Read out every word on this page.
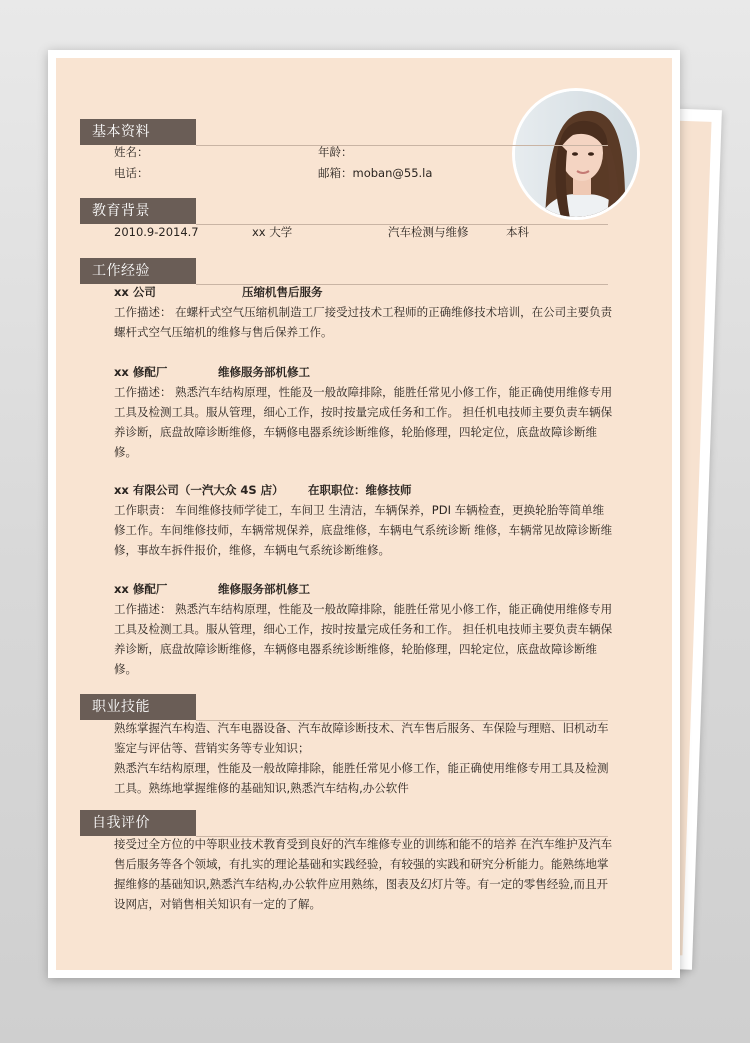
基本资料
姓名：	年龄：
电话：	邮箱：moban@55.la
教育背景
2010.9-2014.7	xx 大学	汽车检测与维修	本科
工作经验
xx 公司	压缩机售后服务
工作描述： 在螺杆式空气压缩机制造工厂接受过技术工程师的正确维修技术培训，在公司主要负责螺杆式空气压缩机的维修与售后保养工作。
xx 修配厂	维修服务部机修工
工作描述： 熟悉汽车结构原理，性能及一般故障排除，能胜任常见小修工作，能正确使用维修专用工具及检测工具。服从管理，细心工作，按时按量完成任务和工作。 担任机电技师主要负责车辆保养诊断，底盘故障诊断维修，车辆修电器系统诊断维修，轮胎修理，四轮定位，底盘故障诊断维修。
xx 有限公司（一汽大众 4S 店） 在职职位：维修技师
工作职责： 车间维修技师学徒工，车间卫 生清洁，车辆保养，PDI 车辆检查，更换轮胎等简单维修工作。车间维修技师，车辆常规保养，底盘维修，车辆电气系统诊断 维修，车辆常见故障诊断维修，事故车拆件报价，维修，车辆电气系统诊断维修。
xx 修配厂	维修服务部机修工
工作描述： 熟悉汽车结构原理，性能及一般故障排除，能胜任常见小修工作，能正确使用维修专用工具及检测工具。服从管理，细心工作，按时按量完成任务和工作。 担任机电技师主要负责车辆保养诊断，底盘故障诊断维修，车辆修电器系统诊断维修，轮胎修理，四轮定位，底盘故障诊断维修。
职业技能
熟练掌握汽车构造、汽车电器设备、汽车故障诊断技术、汽车售后服务、车保险与理赔、旧机动车鉴定与评估等、营销实务等专业知识；
熟悉汽车结构原理，性能及一般故障排除，能胜任常见小修工作，能正确使用维修专用工具及检测工具。熟练地掌握维修的基础知识,熟悉汽车结构,办公软件
自我评价
接受过全方位的中等职业技术教育受到良好的汽车维修专业的训练和能不的培养 在汽车维护及汽车售后服务等各个领域，有扎实的理论基础和实践经验，有较强的实践和研究分析能力。能熟练地掌握维修的基础知识,熟悉汽车结构,办公软件应用熟练，图表及幻灯片等。有一定的零售经验,而且开设网店，对销售相关知识有一定的了解。
